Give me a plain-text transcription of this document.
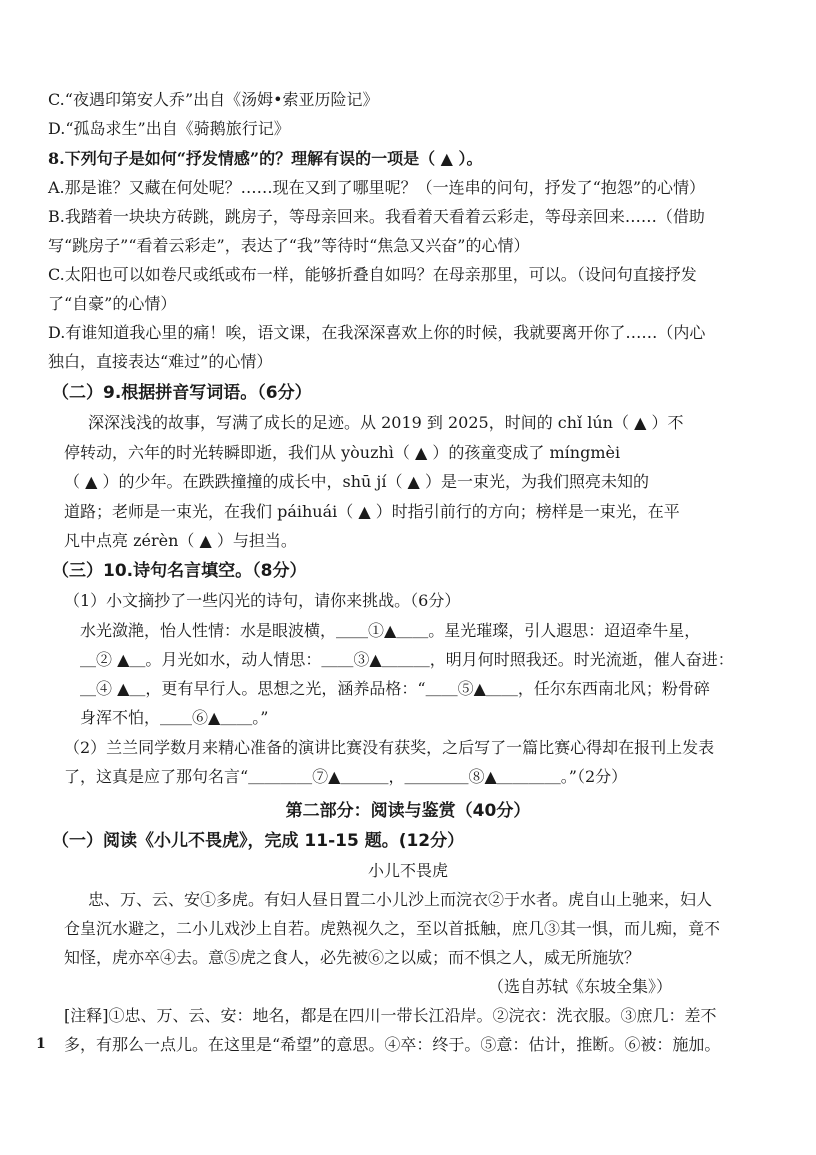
C.“夜遇印第安人乔”出自《汤姆•索亚历险记》
D.“孤岛求生”出自《骑鹅旅行记》
8.下列句子是如何“抒发情感”的？理解有误的一项是（ ▲ ）。
A.那是谁？又藏在何处呢？……现在又到了哪里呢？（一连串的问句，抒发了“抱怨”的心情）
B.我踏着一块块方砖跳，跳房子，等母亲回来。我看着天看着云彩走，等母亲回来……（借助
写“跳房子”“看着云彩走”，表达了“我”等待时“焦急又兴奋”的心情）
C.太阳也可以如卷尺或纸或布一样，能够折叠自如吗？在母亲那里，可以。（设问句直接抒发
了“自豪”的心情）
D.有谁知道我心里的痛！唉，语文课，在我深深喜欢上你的时候，我就要离开你了……（内心
独白，直接表达“难过”的心情）
（二）9.根据拼音写词语。（6分）
深深浅浅的故事，写满了成长的足迹。从 2019 到 2025，时间的 chǐ lún（ ▲ ）不
停转动，六年的时光转瞬即逝，我们从 yòuzhì（ ▲ ）的孩童变成了 míngmèi
（ ▲ ）的少年。在跌跌撞撞的成长中，shū jí（ ▲ ）是一束光，为我们照亮未知的
道路；老师是一束光，在我们 páihuái（ ▲ ）时指引前行的方向；榜样是一束光，在平
凡中点亮 zérèn（ ▲ ）与担当。
（三）10.诗句名言填空。（8分）
（1）小文摘抄了一些闪光的诗句，请你来挑战。（6分）
水光潋滟，怡人性情：水是眼波横，＿＿①▲＿＿。星光璀璨，引人遐思：迢迢牵牛星，
＿② ▲＿。月光如水，动人情思：＿＿③▲＿＿＿，明月何时照我还。时光流逝，催人奋进：
＿④ ▲＿，更有早行人。思想之光，涵养品格：“＿＿⑤▲＿＿，任尔东西南北风；粉骨碎
身浑不怕，＿＿⑥▲＿＿。”
（2）兰兰同学数月来精心准备的演讲比赛没有获奖，之后写了一篇比赛心得却在报刊上发表
了，这真是应了那句名言“＿＿＿＿⑦▲＿＿＿，＿＿＿＿⑧▲＿＿＿＿。”（2分）
第二部分：阅读与鉴赏（40分）
（一）阅读《小儿不畏虎》，完成 11-15 题。(12分）
小儿不畏虎
忠、万、云、安①多虎。有妇人昼日置二小儿沙上而浣衣②于水者。虎自山上驰来，妇人
仓皇沉水避之，二小儿戏沙上自若。虎熟视久之，至以首抵触，庶几③其一惧，而儿痴，竟不
知怪，虎亦卒④去。意⑤虎之食人，必先被⑥之以威；而不惧之人，威无所施欤？
（选自苏轼《东坡全集》）
[注释]①忠、万、云、安：地名，都是在四川一带长江沿岸。②浣衣：洗衣服。③庶几：差不
多，有那么一点儿。在这里是“希望”的意思。④卒：终于。⑤意：估计，推断。⑥被：施加。
1
